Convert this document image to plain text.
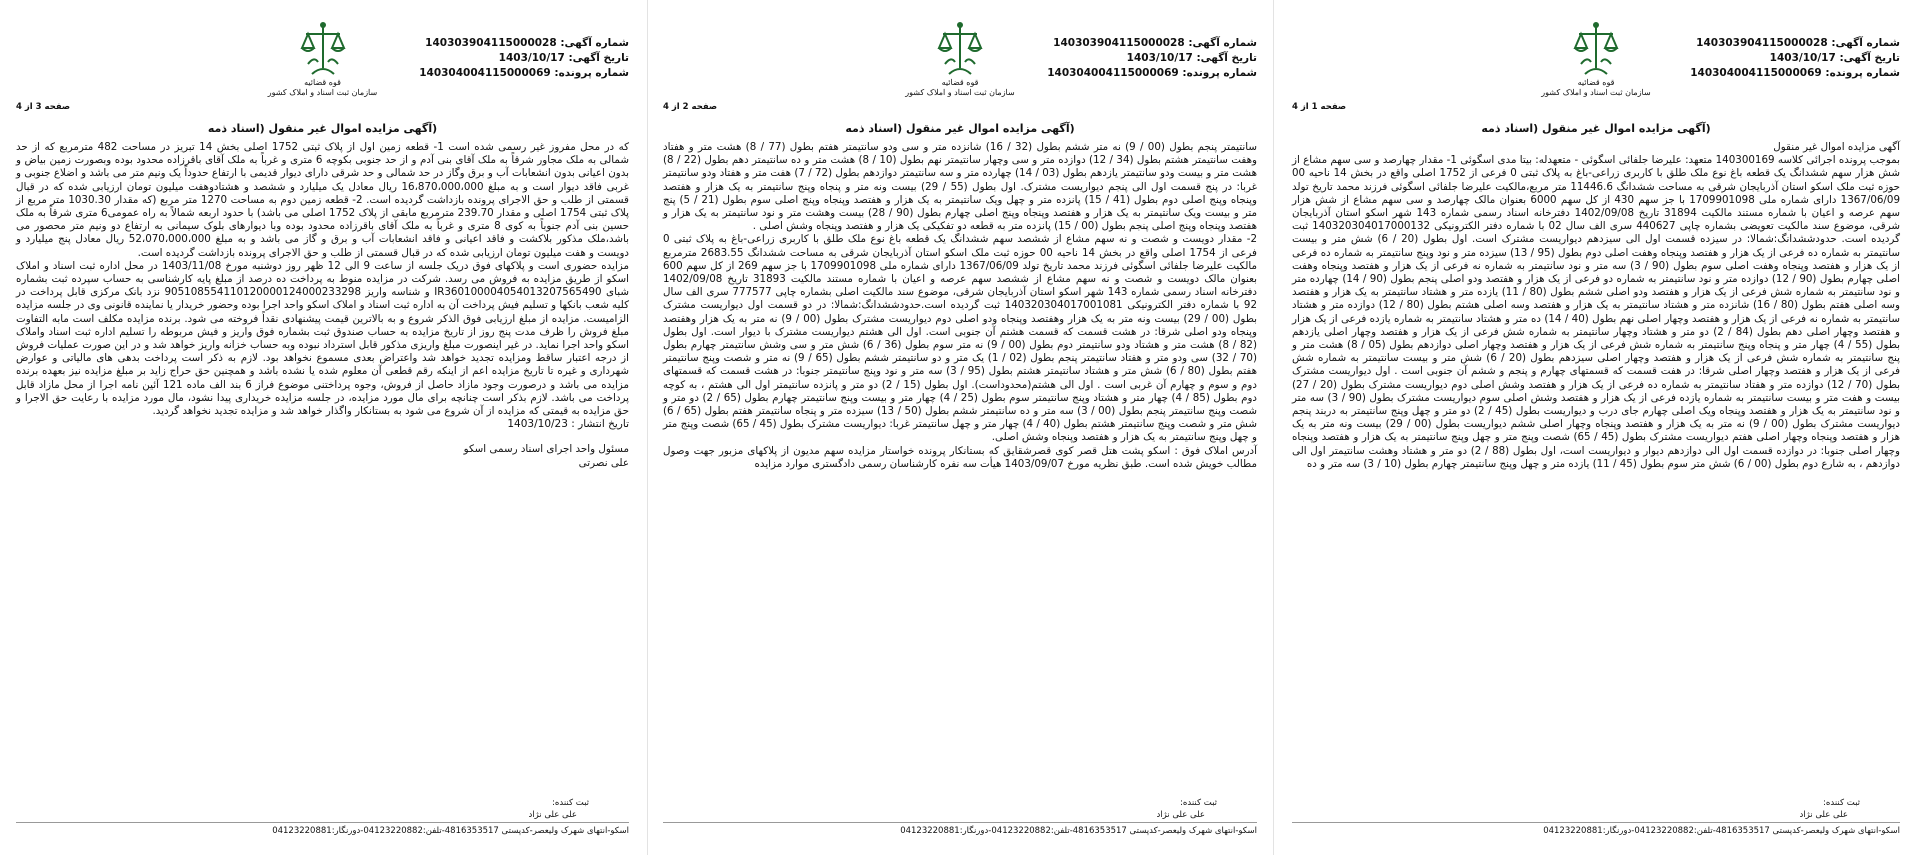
شماره آگهی: 140303904115000028
تاریخ آگهی: 1403/10/17
شماره پرونده: 140304004115000069
قوه قضائیه
سازمان ثبت اسناد و املاک کشور
صفحه 3 از 4
(آگهی مزایده اموال غیر منقول (اسناد ذمه

که در محل مفروز غیر رسمی شده است 1- قطعه زمین اول از پلاک ثبتی 1752 اصلی بخش 14 تبریز در مساحت 482 مترمربع که از حد شمالی به ملک مجاور شرقاً به ملک آقای بنی آدم و از حد جنوبی بکوچه 6 متری و غرباً به ملک آقای باقرزاده محدود بوده وبصورت زمین بیاض و بدون اعیانی بدون انشعابات آب و برق وگاز در حد شمالی و حد شرقی دارای دیوار قدیمی با ارتفاع حدوداً یک ونیم متر می باشد و اضلاع جنوبی و غربی فاقد دیوار است و به مبلغ 16،870،000،000 ریال معادل یک میلیارد و ششصد و هشتادوهفت میلیون تومان ارزیابی شده که در قبال قسمتی از طلب و حق الاجرای پرونده بازداشت گردیده است. 2- قطعه زمین دوم به مساحت 1270 متر مربع (که مقدار 1030.30 متر مربع از پلاک ثبتی 1754 اصلی و مقدار 239.70 مترمربع مابقی از پلاک 1752 اصلی می باشد) با حدود اربعه شمالاً به راه عمومی6 متری شرقاً به ملک حسین بنی آدم جنوباً به کوی 8 متری و غرباً به ملک آقای باقرزاده محدود بوده وبا دیوارهای بلوک سیمانی به ارتفاع دو ونیم متر محصور می باشد،ملک مذکور بلاکشت و فاقد اعیانی و فاقد انشعابات آب و برق و گاز می باشد و به مبلغ 52،070،000،000 ریال معادل پنج میلیارد و دویست و هفت میلیون تومان ارزیابی شده که در قبال قسمتی از طلب و حق الاجرای پرونده بازداشت گردیده است.

مزایده حضوری است و پلاکهای فوق دریک جلسه از ساعت 9 الی 12 ظهر روز دوشنبه مورخ 1403/11/08 در محل اداره ثبت اسناد و املاک اسکو از طریق مزایده به فروش می رسد. شرکت در مزایده منوط به پرداخت ده درصد از مبلغ پایه کارشناسی به حساب سپرده ثبت بشماره شبای IR360100004054013207565490 و شناسه واریز 905108554110120000124000233298 نزد بانک مرکزی قابل پرداخت در کلیه شعب بانکها و تسلیم فیش پرداخت آن به اداره ثبت اسناد و املاک اسکو واحد اجرا بوده وحضور خریدار یا نماینده قانونی وی در جلسه مزایده الزامیست. مزایده از مبلغ ارزیابی فوق الذکر شروع و به بالاترین قیمت پیشنهادی نقداً فروخته می شود. برنده مزایده مکلف است مابه التفاوت مبلغ فروش را ظرف مدت پنج روز از تاریخ مزایده به حساب صندوق ثبت بشماره فوق واریز و فیش مربوطه را تسلیم اداره ثبت اسناد واملاک اسکو واحد اجرا نماید. در غیر اینصورت مبلغ واریزی مذکور قابل استرداد نبوده وبه حساب خزانه واریز خواهد شد و در این صورت عملیات فروش از درجه اعتبار ساقط ومزایده تجدید خواهد شد واعتراض بعدی مسموع نخواهد بود. لازم به ذکر است پرداخت بدهی های مالیاتی و عوارض شهرداری و غیره تا تاریخ مزایده اعم از اینکه رقم قطعی آن معلوم شده یا نشده باشد و همچنین حق حراج زاید بر مبلغ مزایده نیز بعهده برنده مزایده می باشد و درصورت وجود مازاد حاصل از فروش، وجوه پرداختنی موضوع فراز 6 بند الف ماده 121 آئین نامه اجرا از محل مازاد قابل پرداخت می باشد. لازم بذکر است چنانچه برای مال مورد مزایده، در جلسه مزایده خریداری پیدا نشود، مال مورد مزایده با رعایت حق الاجرا و حق مزایده به قیمتی که مزایده از آن شروع می شود به بستانکار واگذار خواهد شد و مزایده تجدید نخواهد گردید.

تاریخ انتشار : 1403/10/23

مسئول واحد اجرای اسناد رسمی اسکو
علی نصرتی
ثبت کننده:
علی علی نژاد
اسکو-انتهای شهرک ولیعصر-کدپستی 4816353517-تلفن:04123220882-دورنگار:04123220881
شماره آگهی: 140303904115000028
تاریخ آگهی: 1403/10/17
شماره پرونده: 140304004115000069
قوه قضائیه
سازمان ثبت اسناد و املاک کشور
صفحه 2 از 4
(آگهی مزایده اموال غیر منقول (اسناد ذمه

سانتیمتر پنجم بطول (00 / 9) نه متر ششم بطول (32 / 16) شانزده متر و سی ودو سانتیمتر هفتم بطول (77 / 8) هشت متر و هفتاد وهفت سانتیمتر هشتم بطول (34 / 12) دوازده متر و سی وچهار سانتیمتر نهم بطول (10 / 8) هشت متر و ده سانتیمتر دهم بطول (22 / 8) هشت متر و بیست ودو سانتیمتر یازدهم بطول (03 / 14) چهارده متر و سه سانتیمتر دوازدهم بطول (72 / 7) هفت متر و هفتاد ودو سانتیمتر غربا: در پنج قسمت اول الی پنجم دیواریست مشترک. اول بطول (55 / 29) بیست ونه متر و پنجاه وپنج سانتیمتر به یک هزار و هفتصد وپنجاه وپنج اصلی دوم بطول (41 / 15) پانزده متر و چهل ویک سانتیمتر به یک هزار و هفتصد وپنجاه وپنج اصلی سوم بطول (21 / 5) پنج متر و بیست ویک سانتیمتر به یک هزار و هفتصد وپنجاه وپنج اصلی چهارم بطول (90 / 28) بیست وهشت متر و نود سانتیمتر به یک هزار و هفتصد وپنجاه وپنج اصلی پنجم بطول (00 / 15) پانزده متر به قطعه دو تفکیکی یک هزار و هفتصد وپنجاه وشش اصلی .

2- مقدار دویست و شصت و نه سهم مشاع از ششصد سهم ششدانگ یک قطعه باغ نوع ملک طلق با کاربری زراعی-باغ به پلاک ثبتی 0 فرعی از 1754 اصلی واقع در بخش 14 ناحیه 00 حوزه ثبت ملک اسکو استان آذربایجان شرقی به مساحت ششدانگ 2683.55 مترمربع مالکیت علیرضا جلفائی اسگوئی فرزند محمد تاریخ تولد 1367/06/09 دارای شماره ملی 1709901098 با جز سهم 269 از کل سهم 600 بعنوان مالک دویست و شصت و نه سهم مشاع از ششصد سهم عرصه و اعیان با شماره مستند مالکیت 31893 تاریخ 1402/09/08 دفترخانه اسناد رسمی شماره 143 شهر اسکو استان آذربایجان شرقی، موضوع سند مالکیت اصلی بشماره چاپی 777577 سری الف سال 92 با شماره دفتر الکترونیکی 140320304017001081 ثبت گردیده است.حدودششدانگ:شمالا: در دو قسمت اول دیواریست مشترک بطول (00 / 29) بیست ونه متر به یک هزار وهفتصد وپنجاه ودو اصلی دوم دیواریست مشترک بطول (00 / 9) نه متر به یک هزار وهفتصد وپنجاه ودو اصلی شرقا: در هشت قسمت که قسمت هشتم آن جنوبی است. اول الی هشتم دیواریست مشترک با دیوار است. اول بطول (82 / 8) هشت متر و هشتاد ودو سانتیمتر دوم بطول (00 / 9) نه متر سوم بطول (36 / 6) شش متر و سی وشش سانتیمتر چهارم بطول (70 / 32) سی ودو متر و هفتاد سانتیمتر پنجم بطول (02 / 1) یک متر و دو سانتیمتر ششم بطول (65 / 9) نه متر و شصت وپنج سانتیمتر هفتم بطول (80 / 6) شش متر و هشتاد سانتیمتر هشتم بطول (95 / 3) سه متر و نود وپنج سانتیمتر جنوبا: در هشت قسمت که قسمتهای دوم و سوم و چهارم آن غربی است . اول الی هشتم(محدوداست). اول بطول (15 / 2) دو متر و پانزده سانتیمتر اول الی هشتم ، به کوچه دوم بطول (85 / 4) چهار متر و هشتاد وپنج سانتیمتر سوم بطول (25 / 4) چهار متر و بیست وپنج سانتیمتر چهارم بطول (65 / 2) دو متر و شصت وپنج سانتیمتر پنجم بطول (00 / 3) سه متر و ده سانتیمتر ششم بطول (50 / 13) سیزده متر و پنجاه سانتیمتر هفتم بطول (65 / 6) شش متر و شصت وپنج سانتیمتر هشتم بطول (40 / 4) چهار متر و چهل سانتیمتر غربا: دیواریست مشترک بطول (45 / 65) شصت وپنج متر و چهل وپنج سانتیمتر به یک هزار و هفتصد وپنجاه وشش اصلی.

آدرس املاک فوق : اسکو پشت هتل قصر کوی قصرشقایق که بستانکار پرونده خواستار مزایده سهم مدیون از پلاکهای مزبور جهت وصول مطالب خویش شده است. طبق نظریه مورخ 1403/09/07 هیأت سه نفره کارشناسان رسمی دادگستری موارد مزایده

ثبت کننده:
علی علی نژاد
اسکو-انتهای شهرک ولیعصر-کدپستی 4816353517-تلفن:04123220882-دورنگار:04123220881
شماره آگهی: 140303904115000028
تاریخ آگهی: 1403/10/17
شماره پرونده: 140304004115000069
قوه قضائیه
سازمان ثبت اسناد و املاک کشور
صفحه 1 از 4
(آگهی مزایده اموال غیر منقول (اسناد ذمه

آگهی مزایده اموال غیر منقول

بموجب پرونده اجرائی کلاسه 140300169 متعهد: علیرضا جلفائی اسگوئی - متعهدله: بیتا مدی اسگوئی 1- مقدار چهارصد و سی سهم مشاع از شش هزار سهم ششدانگ یک قطعه باغ نوع ملک طلق با کاربری زراعی-باغ به پلاک ثبتی 0 فرعی از 1752 اصلی واقع در بخش 14 ناحیه 00 حوزه ثبت ملک اسکو استان آذربایجان شرقی به مساحت ششدانگ 11446.6 متر مربع،مالکیت علیرضا جلفائی اسگوئی فرزند محمد تاریخ تولد 1367/06/09 دارای شماره ملی 1709901098 با جز سهم 430 از کل سهم 6000 بعنوان مالک چهارصد و سی سهم مشاع از شش هزار سهم عرصه و اعیان با شماره مستند مالکیت 31894 تاریخ 1402/09/08 دفترخانه اسناد رسمی شماره 143 شهر اسکو استان آذربایجان شرقی، موضوع سند مالکیت تعویضی بشماره چاپی 440627 سری الف سال 02 با شماره دفتر الکترونیکی 140320304017000132 ثبت گردیده است. حدودششدانگ:شمالا: در سیزده قسمت اول الی سیزدهم دیواریست مشترک است. اول بطول (20 / 6) شش متر و بیست سانتیمتر به شماره ده فرعی از یک هزار و هفتصد وپنجاه وهفت اصلی دوم بطول (95 / 13) سیزده متر و نود وپنج سانتیمتر به شماره ده فرعی از یک هزار و هفتصد وپنجاه وهفت اصلی سوم بطول (90 / 3) سه متر و نود سانتیمتر به شماره نه فرعی از یک هزار و هفتصد وپنجاه وهفت اصلی چهارم بطول (90 / 12) دوازده متر و نود سانتیمتر به شماره دو فرعی از یک هزار و هفتصد ودو اصلی پنجم بطول (90 / 14) چهارده متر و نود سانتیمتر به شماره شش فرعی از یک هزار و هفتصد ودو اصلی ششم بطول (80 / 11) یازده متر و هشتاد سانتیمتر به یک هزار و هفتصد وسه اصلی هفتم بطول (80 / 16) شانزده متر و هشتاد سانتیمتر به یک هزار و هفتصد وسه اصلی هشتم بطول (80 / 12) دوازده متر و هشتاد سانتیمتر به شماره نه فرعی از یک هزار و هفتصد وچهار اصلی نهم بطول (40 / 14) ده متر و هشتاد سانتیمتر به شماره یازده فرعی از یک هزار و هفتصد وچهار اصلی دهم بطول (84 / 2) دو متر و هشتاد وچهار سانتیمتر به شماره شش فرعی از یک هزار و هفتصد وچهار اصلی یازدهم بطول (55 / 4) چهار متر و پنجاه وپنج سانتیمتر به شماره شش فرعی از یک هزار و هفتصد وچهار اصلی دوازدهم بطول (05 / 8) هشت متر و پنج سانتیمتر به شماره شش فرعی از یک هزار و هفتصد وچهار اصلی سیزدهم بطول (20 / 6) شش متر و بیست سانتیمتر به شماره شش فرعی از یک هزار و هفتصد وچهار اصلی شرقا: در هفت قسمت که قسمتهای چهارم و پنجم و ششم آن جنوبی است . اول دیواریست مشترک بطول (70 / 12) دوازده متر و هفتاد سانتیمتر به شماره ده فرعی از یک هزار و هفتصد وشش اصلی دوم دیواریست مشترک بطول (20 / 27) بیست و هفت متر و بیست سانتیمتر به شماره یازده فرعی از یک هزار و هفتصد وشش اصلی سوم دیواریست مشترک بطول (90 / 3) سه متر و نود سانتیمتر به یک هزار و هفتصد وپنجاه ویک اصلی چهارم جای درب و دیواریست بطول (45 / 2) دو متر و چهل وپنج سانتیمتر به دربند پنجم دیواریست مشترک بطول (00 / 9) نه متر به یک هزار و هفتصد وپنجاه وچهار اصلی ششم دیواریست بطول (00 / 29) بیست ونه متر به یک هزار و هفتصد وپنجاه وچهار اصلی هفتم دیواریست مشترک بطول (45 / 65) شصت وپنج متر و چهل وپنج سانتیمتر به یک هزار و هفتصد وپنجاه وچهار اصلی جنوبا: در دوازده قسمت اول الی دوازدهم دیوار و دیواریست است، اول بطول (88 / 2) دو متر و هشتاد وهشت سانتیمتر اول الی دوازدهم ، به شارع دوم بطول (00 / 6) شش متر سوم بطول (45 / 11) یازده متر و چهل وپنج سانتیمتر چهارم بطول (10 / 3) سه متر و ده

ثبت کننده:
علی علی نژاد
اسکو-انتهای شهرک ولیعصر-کدپستی 4816353517-تلفن:04123220882-دورنگار:04123220881
